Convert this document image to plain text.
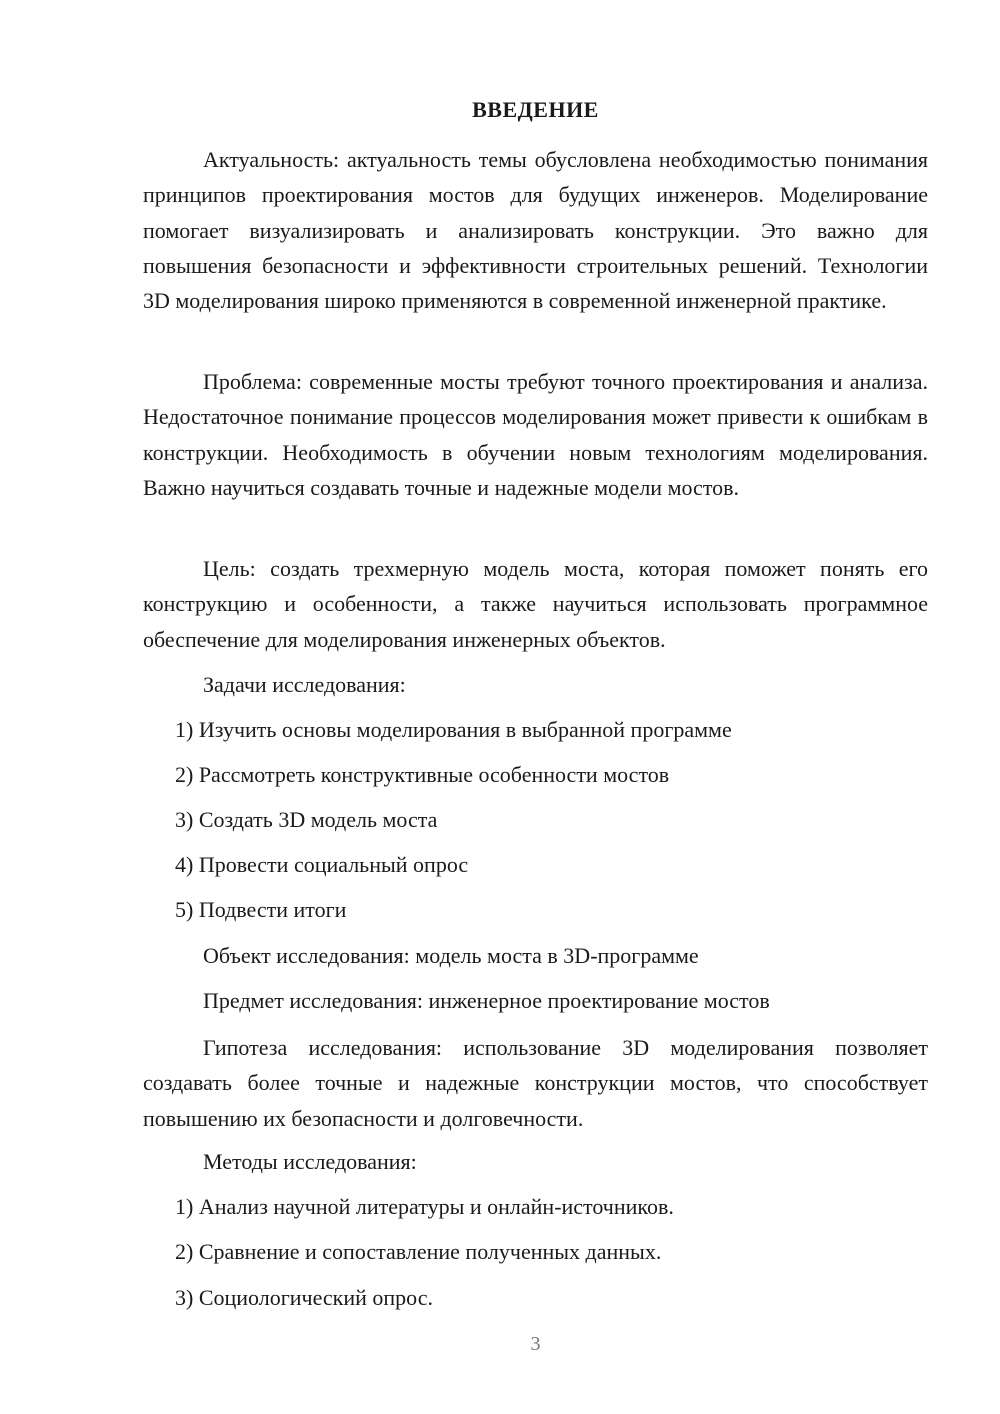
ВВЕДЕНИЕ

Актуальность: актуальность темы обусловлена необходимостью понимания принципов проектирования мостов для будущих инженеров. Моделирование помогает визуализировать и анализировать конструкции. Это важно для повышения безопасности и эффективности строительных решений. Технологии 3D моделирования широко применяются в современной инженерной практике.

Проблема: современные мосты требуют точного проектирования и анализа. Недостаточное понимание процессов моделирования может привести к ошибкам в конструкции. Необходимость в обучении новым технологиям моделирования. Важно научиться создавать точные и надежные модели мостов.

Цель: создать трехмерную модель моста, которая поможет понять его конструкцию и особенности, а также научиться использовать программное обеспечение для моделирования инженерных объектов.

Задачи исследования:
1) Изучить основы моделирования в выбранной программе
2) Рассмотреть конструктивные особенности мостов
3) Создать 3D модель моста
4) Провести социальный опрос
5) Подвести итоги
Объект исследования: модель моста в 3D-программе
Предмет исследования: инженерное проектирование мостов

Гипотеза исследования: использование 3D моделирования позволяет создавать более точные и надежные конструкции мостов, что способствует повышению их безопасности и долговечности.

Методы исследования:
1) Анализ научной литературы и онлайн-источников.
2) Сравнение и сопоставление полученных данных.
3) Социологический опрос.
3
